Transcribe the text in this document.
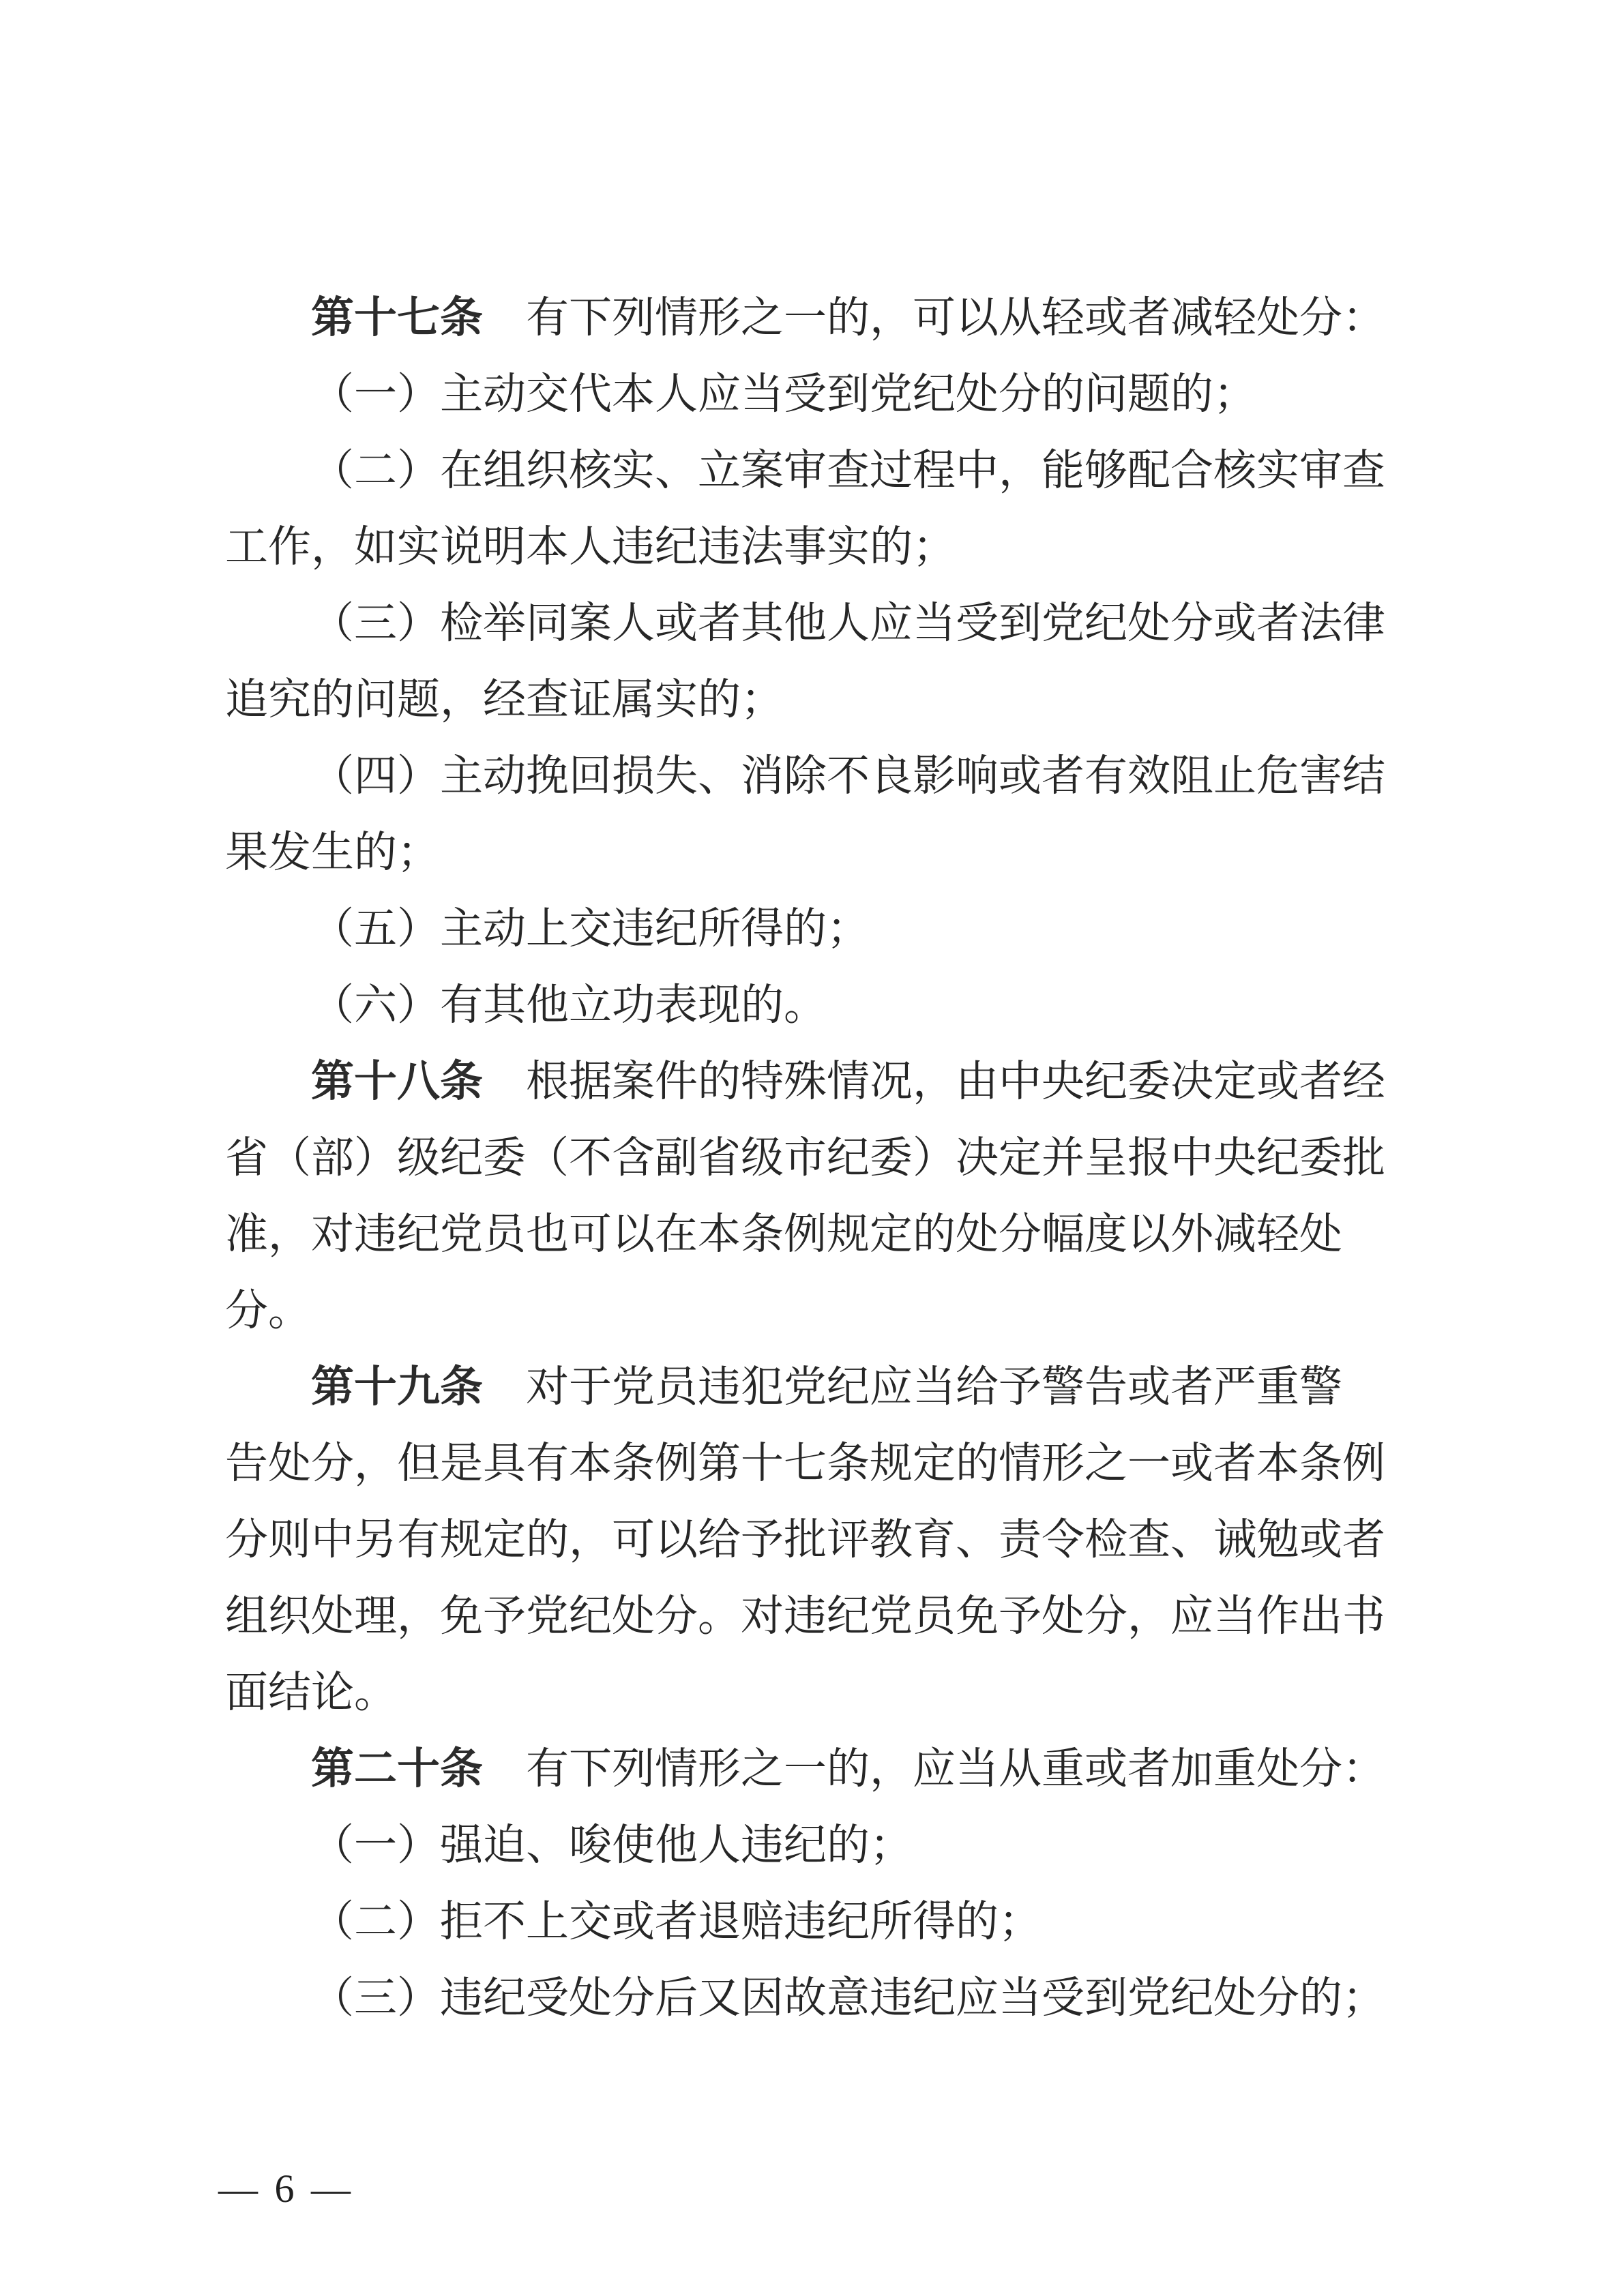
第十七条　有下列情形之一的，可以从轻或者减轻处分：
（一）主动交代本人应当受到党纪处分的问题的；
（二）在组织核实、立案审查过程中，能够配合核实审查
工作，如实说明本人违纪违法事实的；
（三）检举同案人或者其他人应当受到党纪处分或者法律
追究的问题，经查证属实的；
（四）主动挽回损失、消除不良影响或者有效阻止危害结
果发生的；
（五）主动上交违纪所得的；
（六）有其他立功表现的。
第十八条　根据案件的特殊情况，由中央纪委决定或者经
省（部）级纪委（不含副省级市纪委）决定并呈报中央纪委批
准，对违纪党员也可以在本条例规定的处分幅度以外减轻处
分。
第十九条　对于党员违犯党纪应当给予警告或者严重警
告处分，但是具有本条例第十七条规定的情形之一或者本条例
分则中另有规定的，可以给予批评教育、责令检查、诫勉或者
组织处理，免予党纪处分。对违纪党员免予处分，应当作出书
面结论。
第二十条　有下列情形之一的，应当从重或者加重处分：
（一）强迫、唆使他人违纪的；
（二）拒不上交或者退赔违纪所得的；
（三）违纪受处分后又因故意违纪应当受到党纪处分的；
— 6 —
